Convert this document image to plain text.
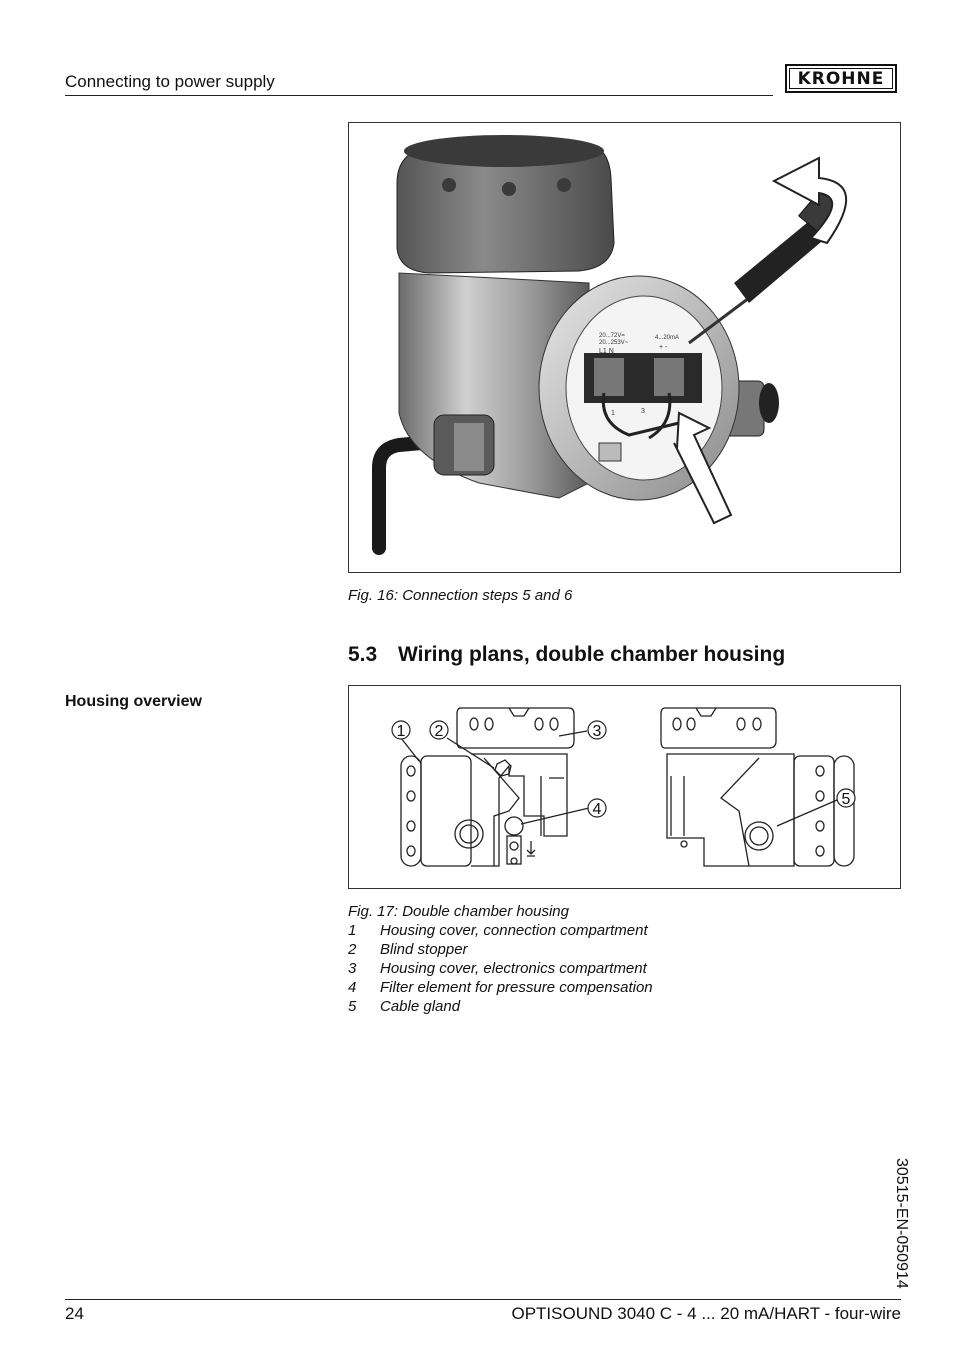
Connecting to power supply	KROHNE
20...72V=
20...253V~
L1 N
4...20mA
+ -
1	3
Fig. 16: Connection steps 5 and 6
5.3 Wiring plans, double chamber housing
Housing overview
1 2	3
4
5
Fig. 17: Double chamber housing
1	Housing cover, connection compartment
2	Blind stopper
3	Housing cover, electronics compartment
4	Filter element for pressure compensation
5	Cable gland
30515-EN-050914
24	OPTISOUND 3040 C - 4 ... 20 mA/HART - four-wire
